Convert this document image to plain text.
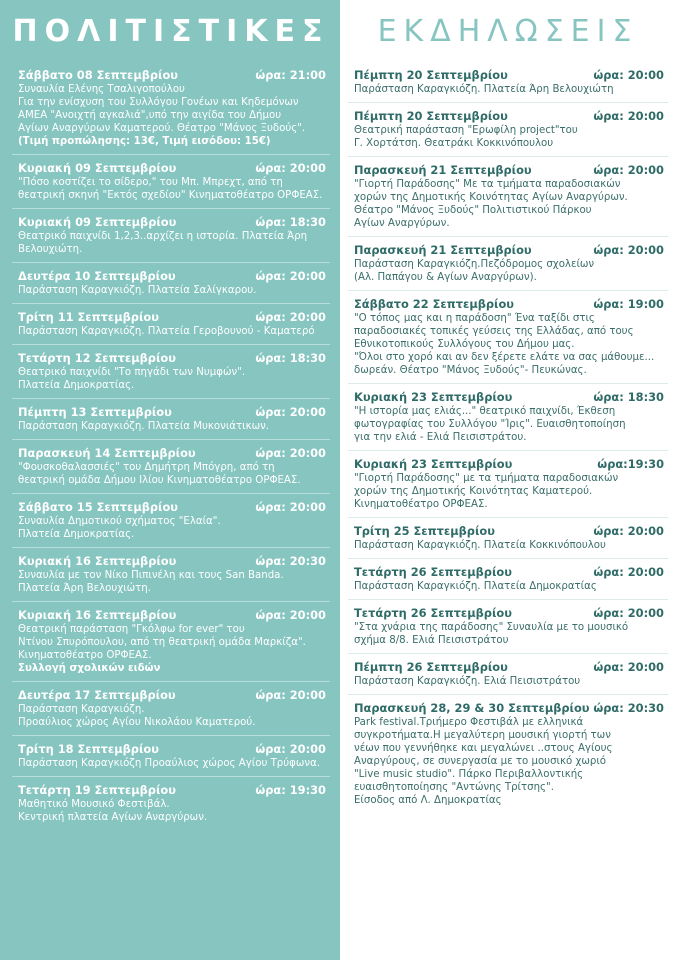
ΠΟΛΙΤΙΣΤΙΚΕΣ
Σάββατο 08 Σεπτεμβρίου	ώρα: 21:00
Συναυλία Ελένης Τσαλιγοπούλου
Για την ενίσχυση του Συλλόγου Γονέων και Κηδεμόνων
ΑΜΕΑ "Ανοιχτή αγκαλιά",υπό την αιγίδα του Δήμου
Αγίων Αναργύρων Καματερού. Θέατρο "Μάνος Ξυδούς".
(Τιμή προπώλησης: 13€, Τιμή εισόδου: 15€)
Κυριακή 09 Σεπτεμβρίου	ώρα: 20:00
"Πόσο κοστίζει το σίδερο," του Μπ. Μπρεχτ, από τη
θεατρική σκηνή "Εκτός σχεδίου" Κινηματοθέατρο ΟΡΦΕΑΣ.
Κυριακή 09 Σεπτεμβρίου	ώρα: 18:30
Θεατρικό παιχνίδι 1,2,3..αρχίζει η ιστορία. Πλατεία Άρη Βελουχιώτη.
Δευτέρα 10 Σεπτεμβρίου	ώρα: 20:00
Παράσταση Καραγκιόζη. Πλατεία Σαλίγκαρου.
Τρίτη 11 Σεπτεμβρίου	ώρα: 20:00
Παράσταση Καραγκιόζη. Πλατεία Γεροβουνού - Καματερό
Τετάρτη 12 Σεπτεμβρίου	ώρα: 18:30
Θεατρικό παιχνίδι "Το πηγάδι των Νυμφών".
Πλατεία Δημοκρατίας.
Πέμπτη 13 Σεπτεμβρίου	ώρα: 20:00
Παράσταση Καραγκιόζη. Πλατεία Μυκονιάτικων.
Παρασκευή 14 Σεπτεμβρίου	ώρα: 20:00
"Φουσκοθαλασσιές" του Δημήτρη Μπόγρη, από τη
θεατρική ομάδα Δήμου Ιλίου Κινηματοθέατρο ΟΡΦΕΑΣ.
Σάββατο 15 Σεπτεμβρίου	ώρα: 20:00
Συναυλία Δημοτικού σχήματος "Ελαία".
Πλατεία Δημοκρατίας.
Κυριακή 16 Σεπτεμβρίου	ώρα: 20:30
Συναυλία με τον Νίκο Πιπινέλη και τους San Banda.
Πλατεία Άρη Βελουχιώτη.
Κυριακή 16 Σεπτεμβρίου	ώρα: 20:00
Θεατρική παράσταση "Γκόλφω for ever" του
Ντίνου Σπυρόπουλου, από τη θεατρική ομάδα Μαρκίζα".
Κινηματοθέατρο ΟΡΦΕΑΣ.
Συλλογή σχολικών ειδών
Δευτέρα 17 Σεπτεμβρίου	ώρα: 20:00
Παράσταση Καραγκιόζη.
Προαύλιος χώρος Αγίου Νικολάου Καματερού.
Τρίτη 18 Σεπτεμβρίου	ώρα: 20:00
Παράσταση Καραγκιόζη Προαύλιος χώρος Αγίου Τρύφωνα.
Τετάρτη 19 Σεπτεμβρίου	ώρα: 19:30
Μαθητικό Μουσικό Φεστιβάλ.
Κεντρική πλατεία Αγίων Αναργύρων.
ΕΚΔΗΛΩΣΕΙΣ
Πέμπτη 20 Σεπτεμβρίου	ώρα: 20:00
Παράσταση Καραγκιόζη. Πλατεία Άρη Βελουχιώτη
Πέμπτη 20 Σεπτεμβρίου	ώρα: 20:00
Θεατρική παράσταση "Ερωφίλη project"του
Γ. Χορτάτση. Θεατράκι Κοκκινόπουλου
Παρασκευή 21 Σεπτεμβρίου	ώρα: 20:00
"Γιορτή Παράδοσης" Με τα τμήματα παραδοσιακών
χορών της Δημοτικής Κοινότητας Αγίων Αναργύρων.
Θέατρο "Μάνος Ξυδούς" Πολιτιστικού Πάρκου
Αγίων Αναργύρων.
Παρασκευή 21 Σεπτεμβρίου	ώρα: 20:00
Παράσταση Καραγκιόζη.Πεζόδρομος σχολείων
(Αλ. Παπάγου & Αγίων Αναργύρων).
Σάββατο 22 Σεπτεμβρίου	ώρα: 19:00
"Ο τόπος μας και η παράδοση" Ένα ταξίδι στις
παραδοσιακές τοπικές γεύσεις της Ελλάδας, από τους
Εθνικοτοπικούς Συλλόγους του Δήμου μας.
"Όλοι στο χορό και αν δεν ξέρετε ελάτε να σας μάθουμε...
δωρεάν. Θέατρο "Μάνος Ξυδούς"- Πευκώνας.
Κυριακή 23 Σεπτεμβρίου	ώρα: 18:30
"Η ιστορία μας ελιάς..." θεατρικό παιχνίδι, Έκθεση
φωτογραφίας του Συλλόγου "Ίρις". Ευαισθητοποίηση
για την ελιά - Ελιά Πεισιστράτου.
Κυριακή 23 Σεπτεμβρίου	ώρα:19:30
"Γιορτή Παράδοσης" με τα τμήματα παραδοσιακών
χορών της Δημοτικής Κοινότητας Καματερού.
Κινηματοθέατρο ΟΡΦΕΑΣ.
Τρίτη 25 Σεπτεμβρίου	ώρα: 20:00
Παράσταση Καραγκιόζη. Πλατεία Κοκκινόπουλου
Τετάρτη 26 Σεπτεμβρίου	ώρα: 20:00
Παράσταση Καραγκιόζη. Πλατεία Δημοκρατίας
Τετάρτη 26 Σεπτεμβρίου	ώρα: 20:00
"Στα χνάρια της παράδοσης" Συναυλία με το μουσικό
σχήμα 8/8. Ελιά Πεισιστράτου
Πέμπτη 26 Σεπτεμβρίου	ώρα: 20:00
Παράσταση Καραγκιόζη. Ελιά Πεισιστράτου
Παρασκευή 28, 29 & 30 Σεπτεμβρίου ώρα: 20:30
Park festival.Τριήμερο Φεστιβάλ με ελληνικά
συγκροτήματα.Η μεγαλύτερη μουσική γιορτή των
νέων που γεννήθηκε και μεγαλώνει ..στους Αγίους
Αναργύρους, σε συνεργασία με το μουσικό χωριό
"Live music studio". Πάρκο Περιβαλλοντικής
ευαισθητοποίησης "Αντώνης Τρίτσης".
Είσοδος από Λ. Δημοκρατίας
